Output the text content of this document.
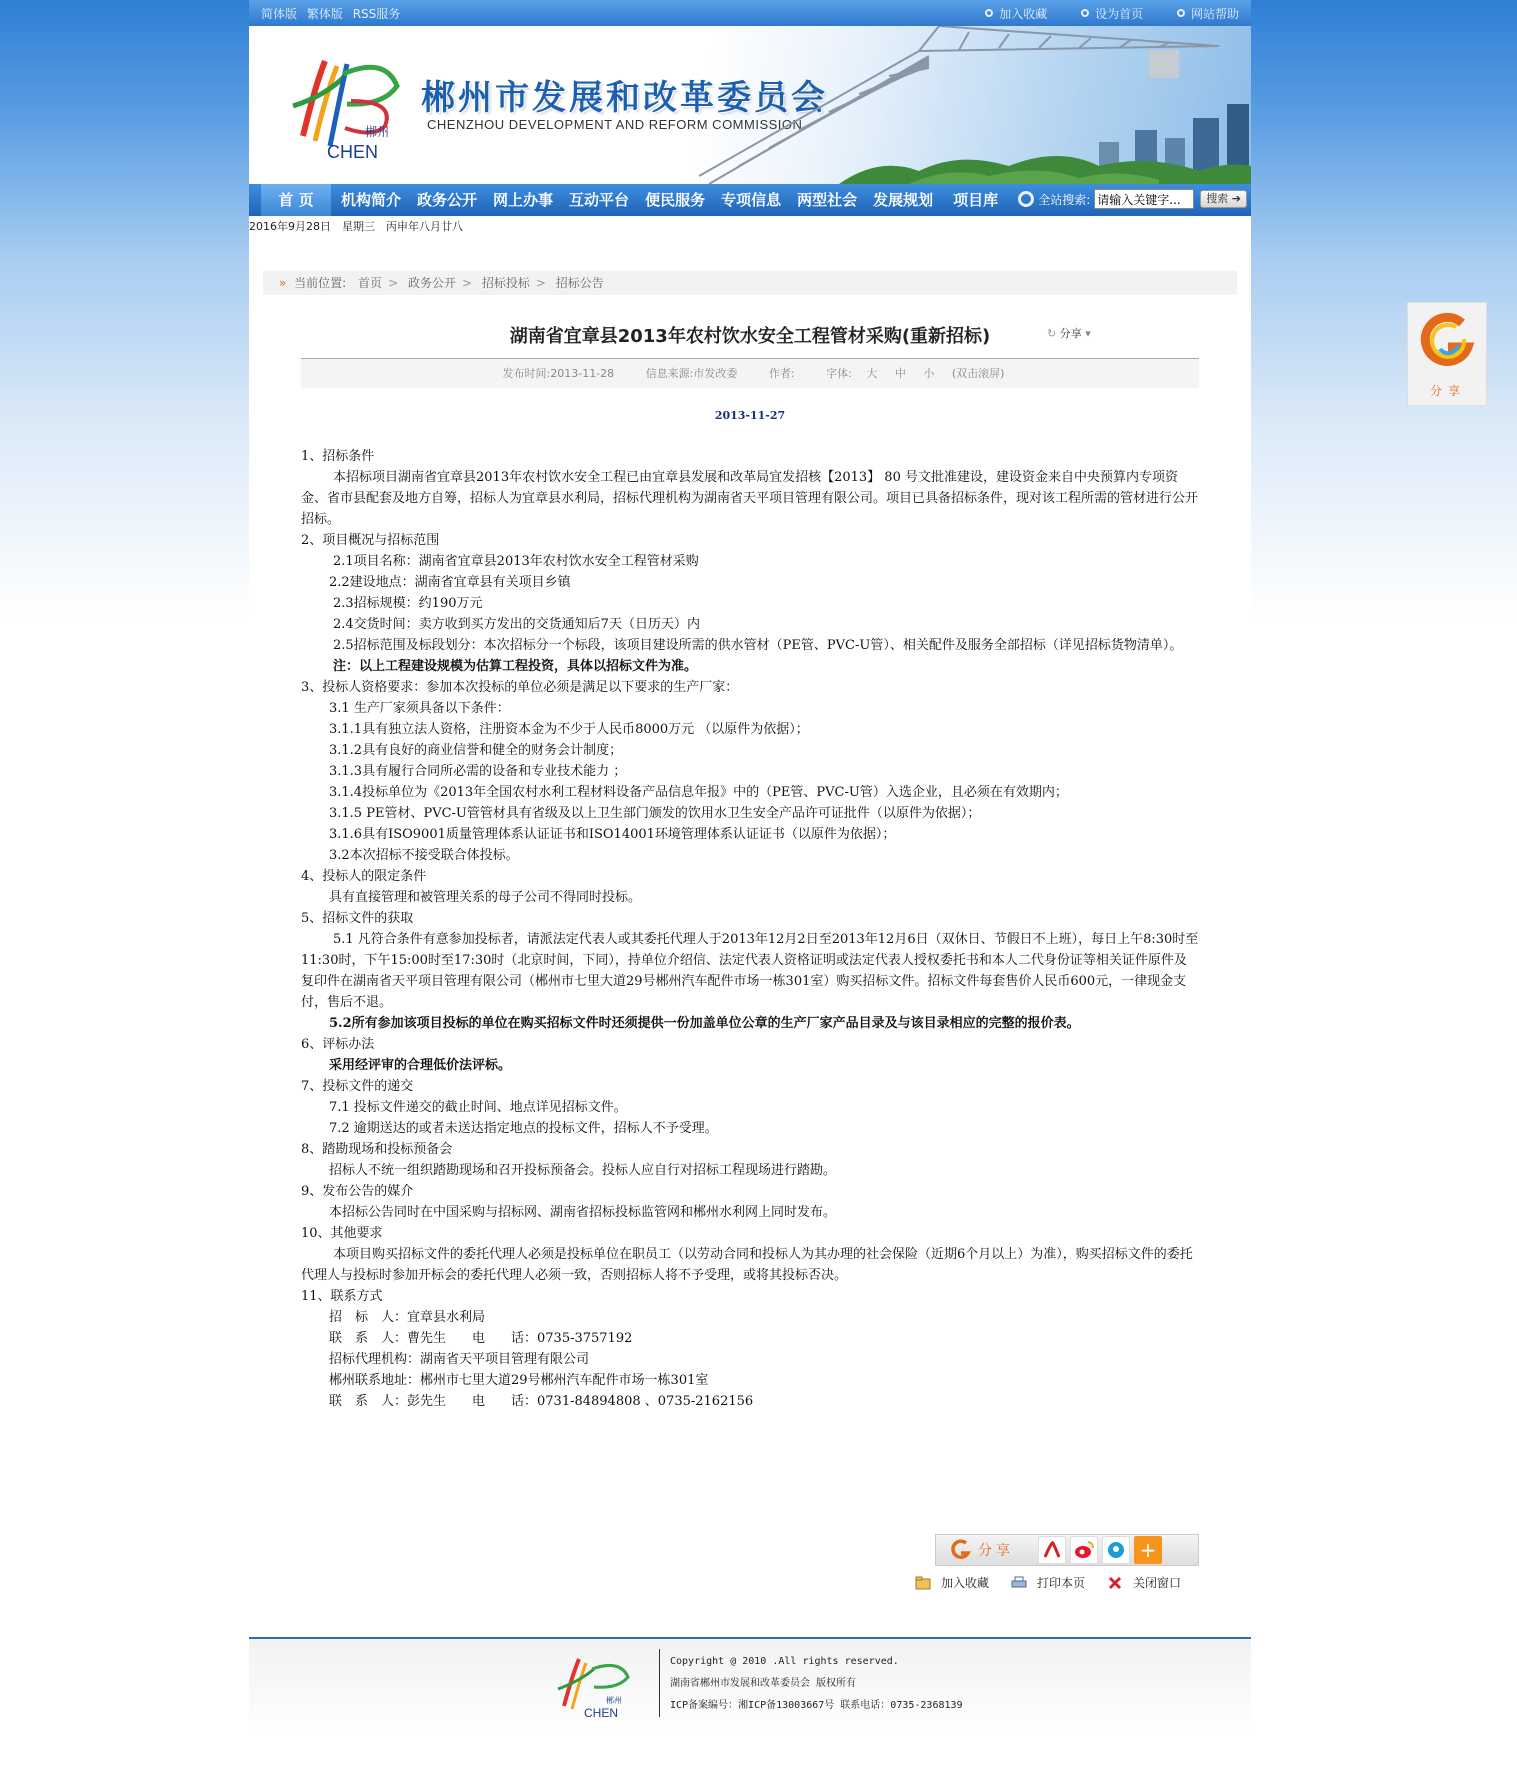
简体版 繁体版 RSS服务	加入收藏
	设为首页
	网站帮助
郴州
CHEN
郴州市发展和改革委员会
CHENZHOU DEVELOPMENT AND REFORM COMMISSION
首 页	机构简介	政务公开	网上办事	互动平台	便民服务	专项信息	两型社会	发展规划	项目库	全站搜索:
请输入关键字...	搜索 ➔
2016年9月28日　星期三　丙申年八月廿八
» 当前位置: 首页 > 政务公开 > 招标投标 > 招标公告
湖南省宜章县2013年农村饮水安全工程管材采购(重新招标)	↻ 分享 ▾
发布时间:2013-11-28	信息来源:市发改委	作者:	字体: 大 中 小 (双击滚屏)
2013-11-27

1、招标条件

本招标项目湖南省宜章县2013年农村饮水安全工程已由宜章县发展和改革局宜发招核【2013】 80 号文批准建设，建设资金来自中央预算内专项资金、省市县配套及地方自筹，招标人为宜章县水利局，招标代理机构为湖南省天平项目管理有限公司。项目已具备招标条件，现对该工程所需的管材进行公开招标。

2、项目概况与招标范围

2.1项目名称：湖南省宜章县2013年农村饮水安全工程管材采购

2.2建设地点：湖南省宜章县有关项目乡镇

2.3招标规模：约190万元

2.4交货时间：卖方收到买方发出的交货通知后7天（日历天）内

2.5招标范围及标段划分：本次招标分一个标段，该项目建设所需的供水管材（PE管、PVC-U管）、相关配件及服务全部招标（详见招标货物清单）。

注：以上工程建设规模为估算工程投资，具体以招标文件为准。

3、投标人资格要求：参加本次投标的单位必须是满足以下要求的生产厂家：

3.1 生产厂家须具备以下条件：

3.1.1具有独立法人资格，注册资本金为不少于人民币8000万元 （以原件为依据）；

3.1.2具有良好的商业信誉和健全的财务会计制度；

3.1.3具有履行合同所必需的设备和专业技术能力 ；

3.1.4投标单位为《2013年全国农村水利工程材料设备产品信息年报》中的（PE管、PVC-U管）入选企业，且必须在有效期内；

3.1.5 PE管材、PVC-U管管材具有省级及以上卫生部门颁发的饮用水卫生安全产品许可证批件（以原件为依据）；

3.1.6具有ISO9001质量管理体系认证证书和ISO14001环境管理体系认证证书（以原件为依据）；

3.2本次招标不接受联合体投标。

4、投标人的限定条件

具有直接管理和被管理关系的母子公司不得同时投标。

5、招标文件的获取

5.1 凡符合条件有意参加投标者，请派法定代表人或其委托代理人于2013年12月2日至2013年12月6日（双休日、节假日不上班），每日上午8:30时至11:30时，下午15:00时至17:30时（北京时间，下同），持单位介绍信、法定代表人资格证明或法定代表人授权委托书和本人二代身份证等相关证件原件及复印件在湖南省天平项目管理有限公司（郴州市七里大道29号郴州汽车配件市场一栋301室）购买招标文件。招标文件每套售价人民币600元，一律现金支付，售后不退。

5.2所有参加该项目投标的单位在购买招标文件时还须提供一份加盖单位公章的生产厂家产品目录及与该目录相应的完整的报价表。

6、评标办法

采用经评审的合理低价法评标。

7、投标文件的递交

7.1 投标文件递交的截止时间、地点详见招标文件。

7.2 逾期送达的或者未送达指定地点的投标文件，招标人不予受理。

8、踏勘现场和投标预备会

招标人不统一组织踏勘现场和召开投标预备会。投标人应自行对招标工程现场进行踏勘。

9、发布公告的媒介

本招标公告同时在中国采购与招标网、湖南省招标投标监管网和郴州水利网上同时发布。

10、其他要求

本项目购买招标文件的委托代理人必须是投标单位在职员工（以劳动合同和投标人为其办理的社会保险（近期6个月以上）为准），购买招标文件的委托代理人与投标时参加开标会的委托代理人必须一致，否则招标人将不予受理，或将其投标否决。

11、联系方式

招　标　人：宜章县水利局

联　系　人：曹先生　　电　　话：0735-3757192

招标代理机构：湖南省天平项目管理有限公司

郴州联系地址：郴州市七里大道29号郴州汽车配件市场一栋301室

联　系　人：彭先生　　电　　话：0731-84894808 、0735-2162156

分享	+
加入收藏	打印本页	关闭窗口
郴州
CHEN
Copyright @ 2010 .All rights reserved.
湖南省郴州市发展和改革委员会 版权所有
ICP备案编号：湘ICP备13003667号 联系电话：0735-2368139
分享
